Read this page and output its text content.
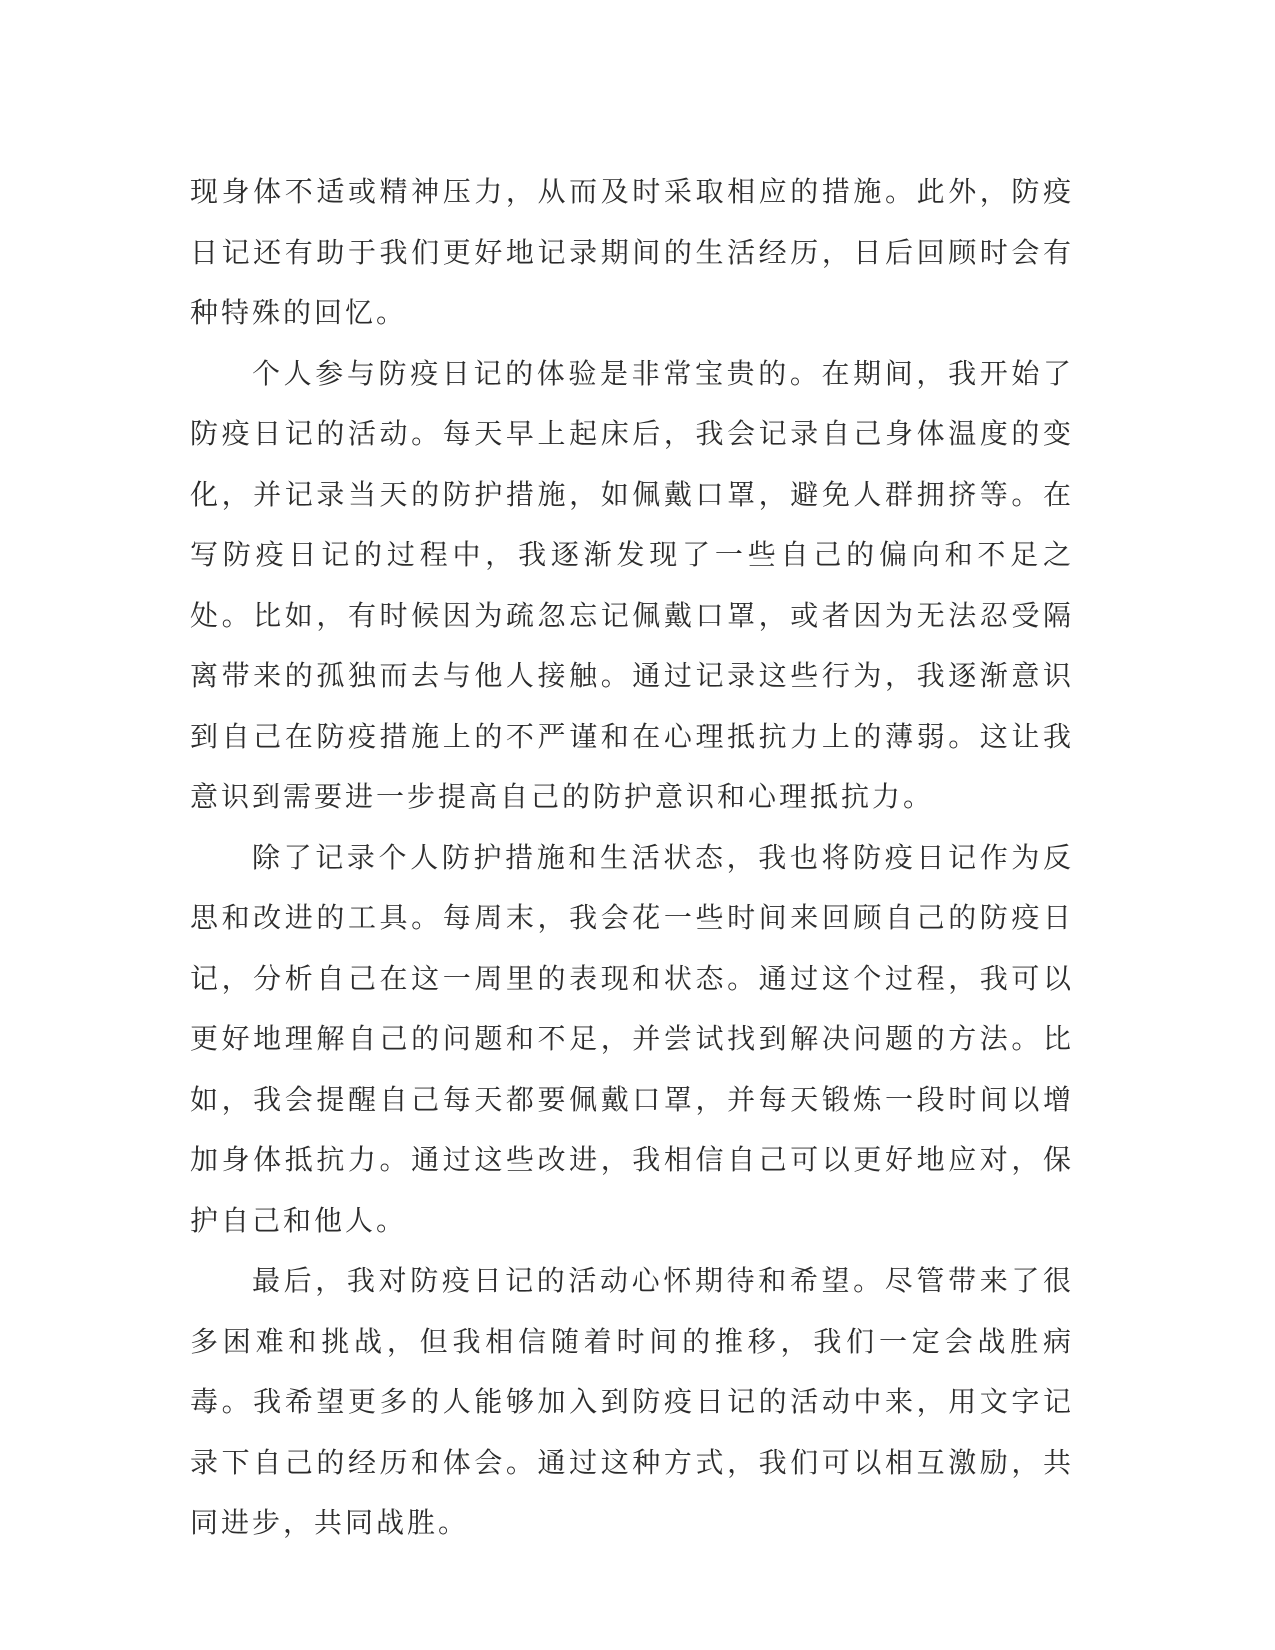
现身体不适或精神压力，从而及时采取相应的措施。此外，防疫日记还有助于我们更好地记录期间的生活经历，日后回顾时会有种特殊的回忆。

个人参与防疫日记的体验是非常宝贵的。在期间，我开始了防疫日记的活动。每天早上起床后，我会记录自己身体温度的变化，并记录当天的防护措施，如佩戴口罩，避免人群拥挤等。在写防疫日记的过程中，我逐渐发现了一些自己的偏向和不足之处。比如，有时候因为疏忽忘记佩戴口罩，或者因为无法忍受隔离带来的孤独而去与他人接触。通过记录这些行为，我逐渐意识到自己在防疫措施上的不严谨和在心理抵抗力上的薄弱。这让我意识到需要进一步提高自己的防护意识和心理抵抗力。

除了记录个人防护措施和生活状态，我也将防疫日记作为反思和改进的工具。每周末，我会花一些时间来回顾自己的防疫日记，分析自己在这一周里的表现和状态。通过这个过程，我可以更好地理解自己的问题和不足，并尝试找到解决问题的方法。比如，我会提醒自己每天都要佩戴口罩，并每天锻炼一段时间以增加身体抵抗力。通过这些改进，我相信自己可以更好地应对，保护自己和他人。

最后，我对防疫日记的活动心怀期待和希望。尽管带来了很多困难和挑战，但我相信随着时间的推移，我们一定会战胜病毒。我希望更多的人能够加入到防疫日记的活动中来，用文字记录下自己的经历和体会。通过这种方式，我们可以相互激励，共同进步，共同战胜。
